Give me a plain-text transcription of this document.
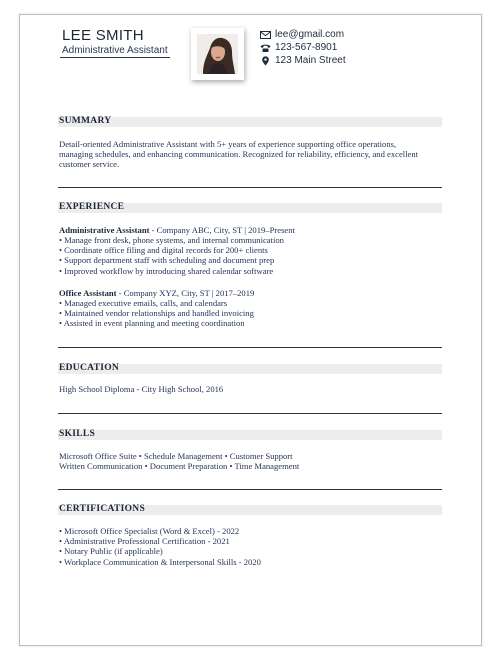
LEE SMITH
Administrative Assistant
lee@gmail.com
123-567-8901
123 Main Street
SUMMARY
Detail-oriented Administrative Assistant with 5+ years of experience supporting office operations,
managing schedules, and enhancing communication. Recognized for reliability, efficiency, and excellent
customer service.
EXPERIENCE
Administrative Assistant - Company ABC, City, ST | 2019–Present
• Manage front desk, phone systems, and internal communication
• Coordinate office filing and digital records for 200+ clients
• Support department staff with scheduling and document prep
• Improved workflow by introducing shared calendar software
Office Assistant - Company XYZ, City, ST | 2017–2019
• Managed executive emails, calls, and calendars
• Maintained vendor relationships and handled invoicing
• Assisted in event planning and meeting coordination
EDUCATION
High School Diploma - City High School, 2016
SKILLS
Microsoft Office Suite • Schedule Management • Customer Support
Written Communication • Document Preparation • Time Management
CERTIFICATIONS
• Microsoft Office Specialist (Word & Excel) - 2022
• Administrative Professional Certification - 2021
• Notary Public (if applicable)
• Workplace Communication & Interpersonal Skills - 2020
